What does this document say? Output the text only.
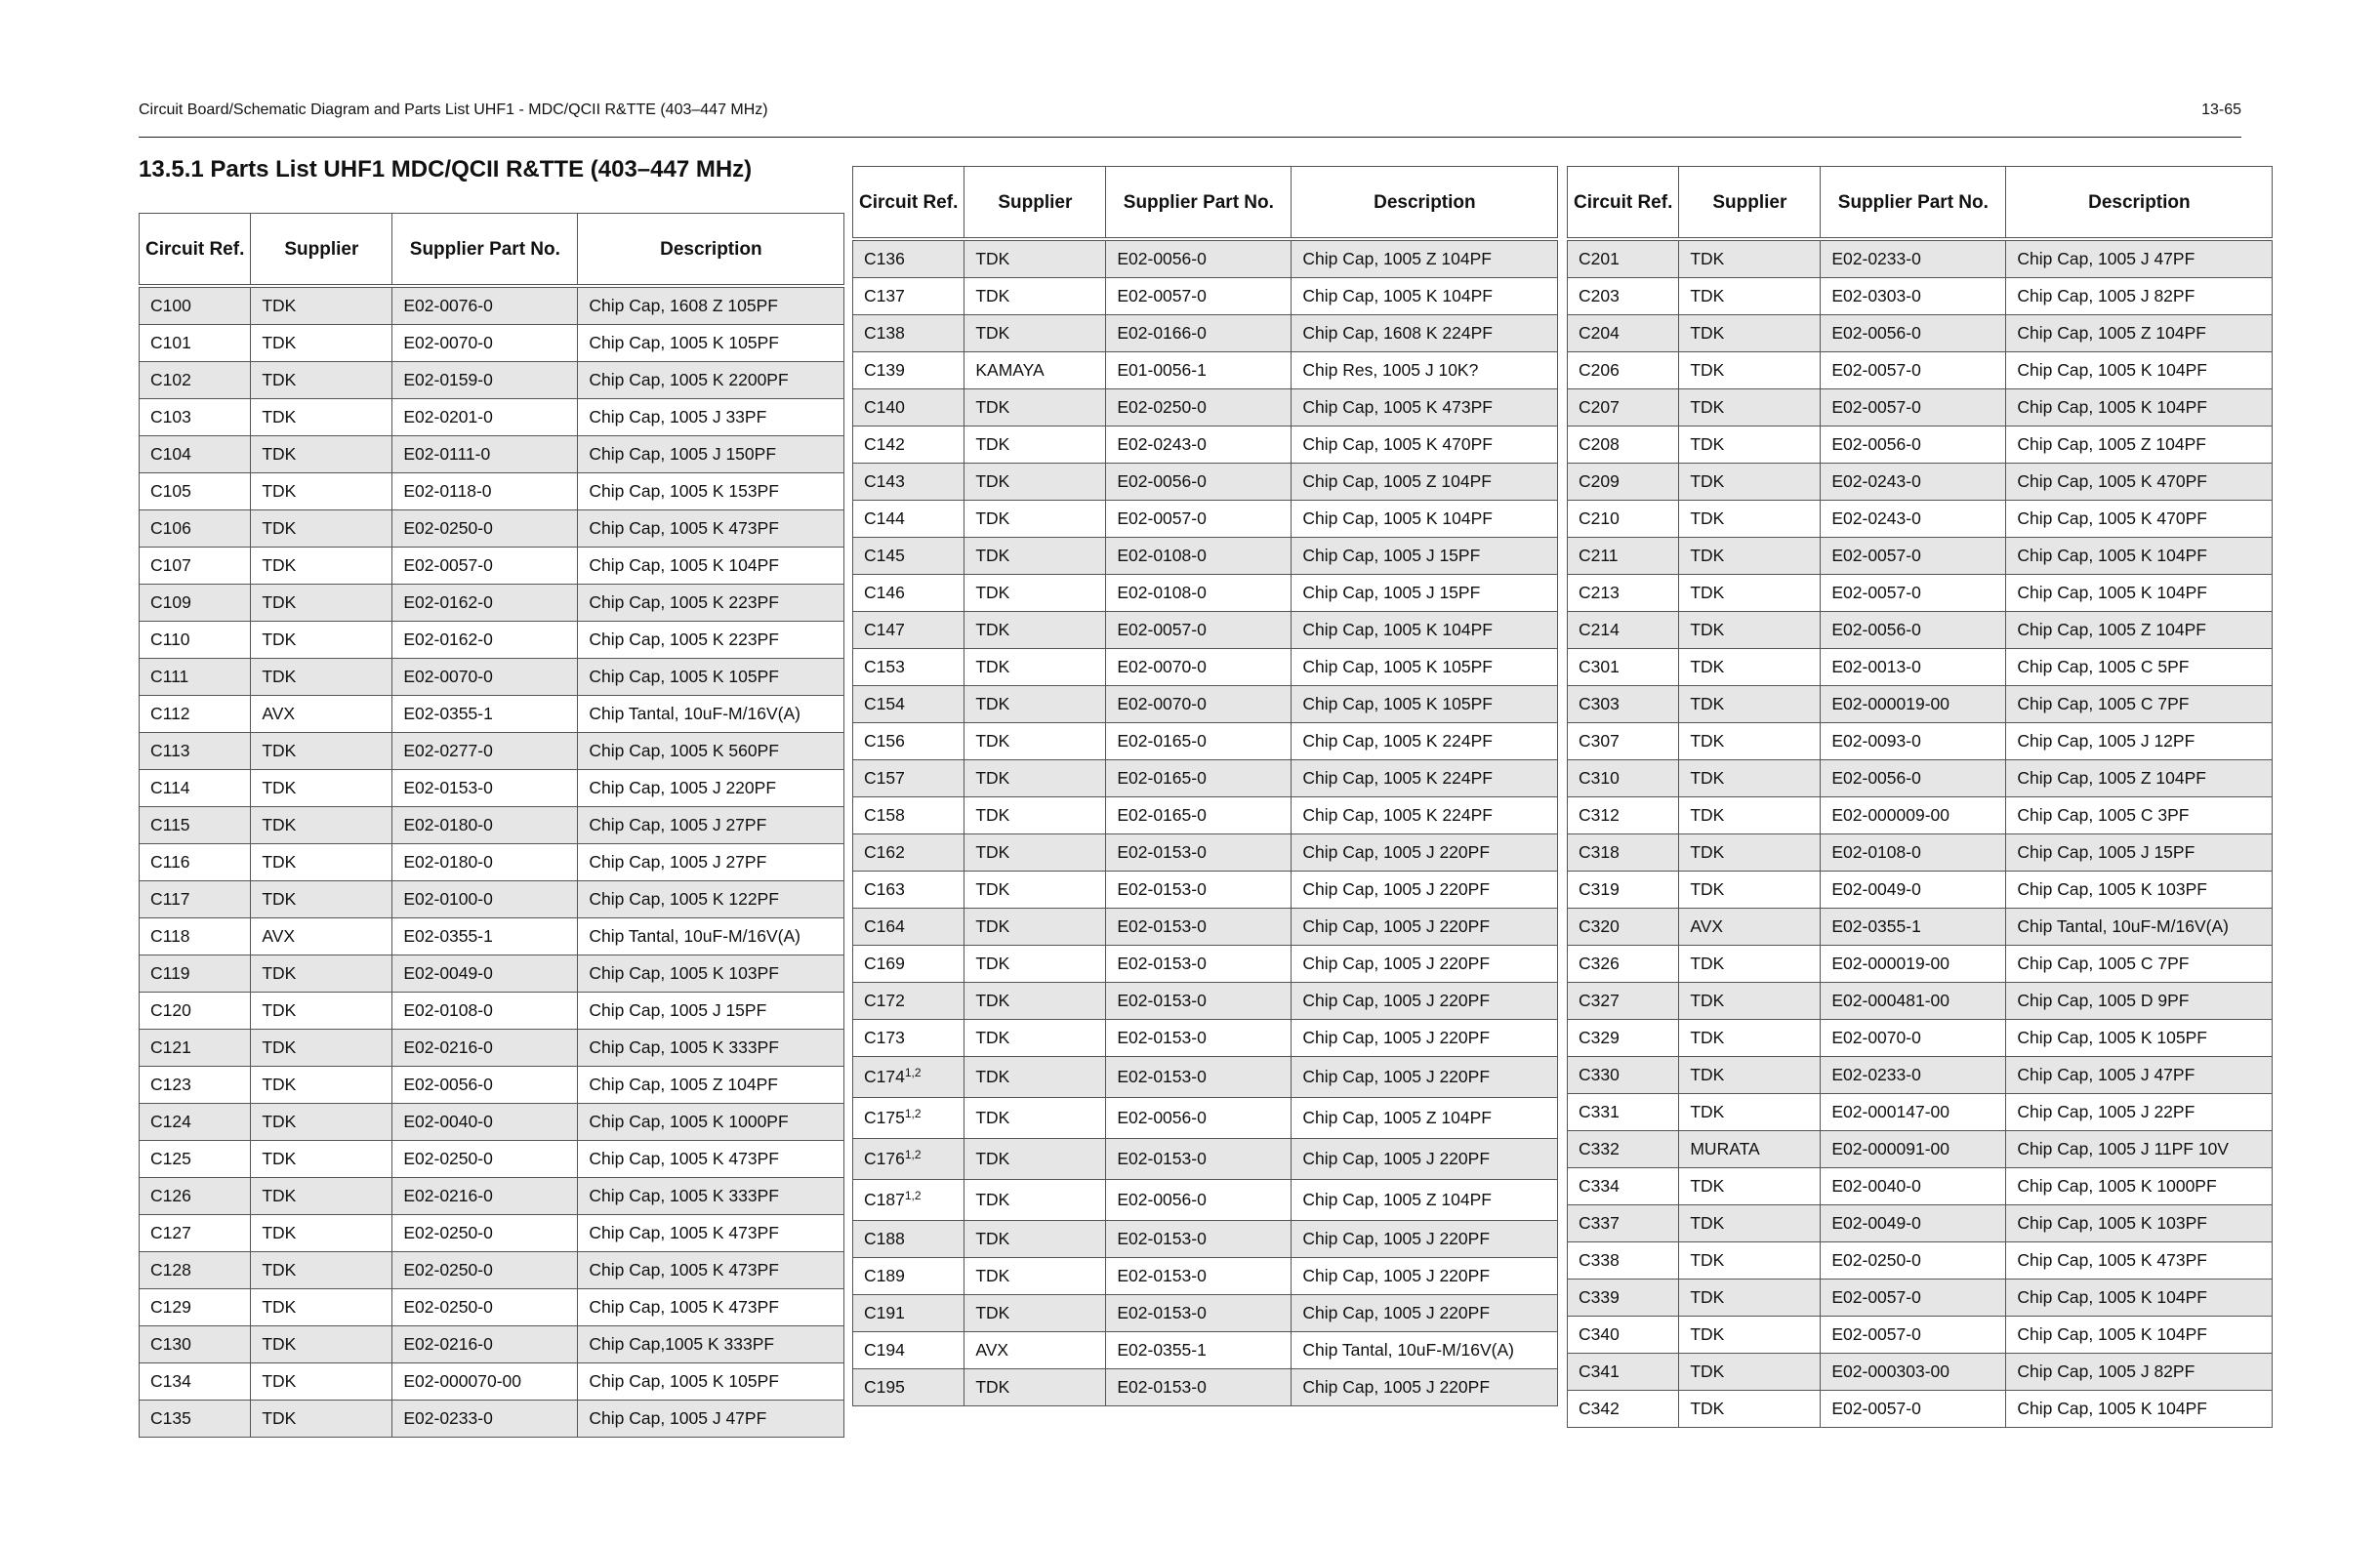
Circuit Board/Schematic Diagram and Parts List UHF1 - MDC/QCII R&TTE (403–447 MHz)	13-65
13.5.1 Parts List UHF1 MDC/QCII R&TTE (403–447 MHz)
Circuit Ref.	Supplier	Supplier Part No.	Description
C100	TDK	E02-0076-0	Chip Cap, 1608 Z 105PF
C101	TDK	E02-0070-0	Chip Cap, 1005 K 105PF
C102	TDK	E02-0159-0	Chip Cap, 1005 K 2200PF
C103	TDK	E02-0201-0	Chip Cap, 1005 J 33PF
C104	TDK	E02-0111-0	Chip Cap, 1005 J 150PF
C105	TDK	E02-0118-0	Chip Cap, 1005 K 153PF
C106	TDK	E02-0250-0	Chip Cap, 1005 K 473PF
C107	TDK	E02-0057-0	Chip Cap, 1005 K 104PF
C109	TDK	E02-0162-0	Chip Cap, 1005 K 223PF
C110	TDK	E02-0162-0	Chip Cap, 1005 K 223PF
C111	TDK	E02-0070-0	Chip Cap, 1005 K 105PF
C112	AVX	E02-0355-1	Chip Tantal, 10uF-M/16V(A)
C113	TDK	E02-0277-0	Chip Cap, 1005 K 560PF
C114	TDK	E02-0153-0	Chip Cap, 1005 J 220PF
C115	TDK	E02-0180-0	Chip Cap, 1005 J 27PF
C116	TDK	E02-0180-0	Chip Cap, 1005 J 27PF
C117	TDK	E02-0100-0	Chip Cap, 1005 K 122PF
C118	AVX	E02-0355-1	Chip Tantal, 10uF-M/16V(A)
C119	TDK	E02-0049-0	Chip Cap, 1005 K 103PF
C120	TDK	E02-0108-0	Chip Cap, 1005 J 15PF
C121	TDK	E02-0216-0	Chip Cap, 1005 K 333PF
C123	TDK	E02-0056-0	Chip Cap, 1005 Z 104PF
C124	TDK	E02-0040-0	Chip Cap, 1005 K 1000PF
C125	TDK	E02-0250-0	Chip Cap, 1005 K 473PF
C126	TDK	E02-0216-0	Chip Cap, 1005 K 333PF
C127	TDK	E02-0250-0	Chip Cap, 1005 K 473PF
C128	TDK	E02-0250-0	Chip Cap, 1005 K 473PF
C129	TDK	E02-0250-0	Chip Cap, 1005 K 473PF
C130	TDK	E02-0216-0	Chip Cap,1005 K 333PF
C134	TDK	E02-000070-00	Chip Cap, 1005 K 105PF
C135	TDK	E02-0233-0	Chip Cap, 1005 J 47PF
Circuit Ref.	Supplier	Supplier Part No.	Description
C136	TDK	E02-0056-0	Chip Cap, 1005 Z 104PF
C137	TDK	E02-0057-0	Chip Cap, 1005 K 104PF
C138	TDK	E02-0166-0	Chip Cap, 1608 K 224PF
C139	KAMAYA	E01-0056-1	Chip Res, 1005 J 10K?
C140	TDK	E02-0250-0	Chip Cap, 1005 K 473PF
C142	TDK	E02-0243-0	Chip Cap, 1005 K 470PF
C143	TDK	E02-0056-0	Chip Cap, 1005 Z 104PF
C144	TDK	E02-0057-0	Chip Cap, 1005 K 104PF
C145	TDK	E02-0108-0	Chip Cap, 1005 J 15PF
C146	TDK	E02-0108-0	Chip Cap, 1005 J 15PF
C147	TDK	E02-0057-0	Chip Cap, 1005 K 104PF
C153	TDK	E02-0070-0	Chip Cap, 1005 K 105PF
C154	TDK	E02-0070-0	Chip Cap, 1005 K 105PF
C156	TDK	E02-0165-0	Chip Cap, 1005 K 224PF
C157	TDK	E02-0165-0	Chip Cap, 1005 K 224PF
C158	TDK	E02-0165-0	Chip Cap, 1005 K 224PF
C162	TDK	E02-0153-0	Chip Cap, 1005 J 220PF
C163	TDK	E02-0153-0	Chip Cap, 1005 J 220PF
C164	TDK	E02-0153-0	Chip Cap, 1005 J 220PF
C169	TDK	E02-0153-0	Chip Cap, 1005 J 220PF
C172	TDK	E02-0153-0	Chip Cap, 1005 J 220PF
C173	TDK	E02-0153-0	Chip Cap, 1005 J 220PF
C174$^{1,2}$	TDK	E02-0153-0	Chip Cap, 1005 J 220PF
C175$^{1,2}$	TDK	E02-0056-0	Chip Cap, 1005 Z 104PF
C176$^{1,2}$	TDK	E02-0153-0	Chip Cap, 1005 J 220PF
C187$^{1,2}$	TDK	E02-0056-0	Chip Cap, 1005 Z 104PF
C188	TDK	E02-0153-0	Chip Cap, 1005 J 220PF
C189	TDK	E02-0153-0	Chip Cap, 1005 J 220PF
C191	TDK	E02-0153-0	Chip Cap, 1005 J 220PF
C194	AVX	E02-0355-1	Chip Tantal, 10uF-M/16V(A)
C195	TDK	E02-0153-0	Chip Cap, 1005 J 220PF
Circuit Ref.	Supplier	Supplier Part No.	Description
C201	TDK	E02-0233-0	Chip Cap, 1005 J 47PF
C203	TDK	E02-0303-0	Chip Cap, 1005 J 82PF
C204	TDK	E02-0056-0	Chip Cap, 1005 Z 104PF
C206	TDK	E02-0057-0	Chip Cap, 1005 K 104PF
C207	TDK	E02-0057-0	Chip Cap, 1005 K 104PF
C208	TDK	E02-0056-0	Chip Cap, 1005 Z 104PF
C209	TDK	E02-0243-0	Chip Cap, 1005 K 470PF
C210	TDK	E02-0243-0	Chip Cap, 1005 K 470PF
C211	TDK	E02-0057-0	Chip Cap, 1005 K 104PF
C213	TDK	E02-0057-0	Chip Cap, 1005 K 104PF
C214	TDK	E02-0056-0	Chip Cap, 1005 Z 104PF
C301	TDK	E02-0013-0	Chip Cap, 1005 C 5PF
C303	TDK	E02-000019-00	Chip Cap, 1005 C 7PF
C307	TDK	E02-0093-0	Chip Cap, 1005 J 12PF
C310	TDK	E02-0056-0	Chip Cap, 1005 Z 104PF
C312	TDK	E02-000009-00	Chip Cap, 1005 C 3PF
C318	TDK	E02-0108-0	Chip Cap, 1005 J 15PF
C319	TDK	E02-0049-0	Chip Cap, 1005 K 103PF
C320	AVX	E02-0355-1	Chip Tantal, 10uF-M/16V(A)
C326	TDK	E02-000019-00	Chip Cap, 1005 C 7PF
C327	TDK	E02-000481-00	Chip Cap, 1005 D 9PF
C329	TDK	E02-0070-0	Chip Cap, 1005 K 105PF
C330	TDK	E02-0233-0	Chip Cap, 1005 J 47PF
C331	TDK	E02-000147-00	Chip Cap, 1005 J 22PF
C332	MURATA	E02-000091-00	Chip Cap, 1005 J 11PF 10V
C334	TDK	E02-0040-0	Chip Cap, 1005 K 1000PF
C337	TDK	E02-0049-0	Chip Cap, 1005 K 103PF
C338	TDK	E02-0250-0	Chip Cap, 1005 K 473PF
C339	TDK	E02-0057-0	Chip Cap, 1005 K 104PF
C340	TDK	E02-0057-0	Chip Cap, 1005 K 104PF
C341	TDK	E02-000303-00	Chip Cap, 1005 J 82PF
C342	TDK	E02-0057-0	Chip Cap, 1005 K 104PF
